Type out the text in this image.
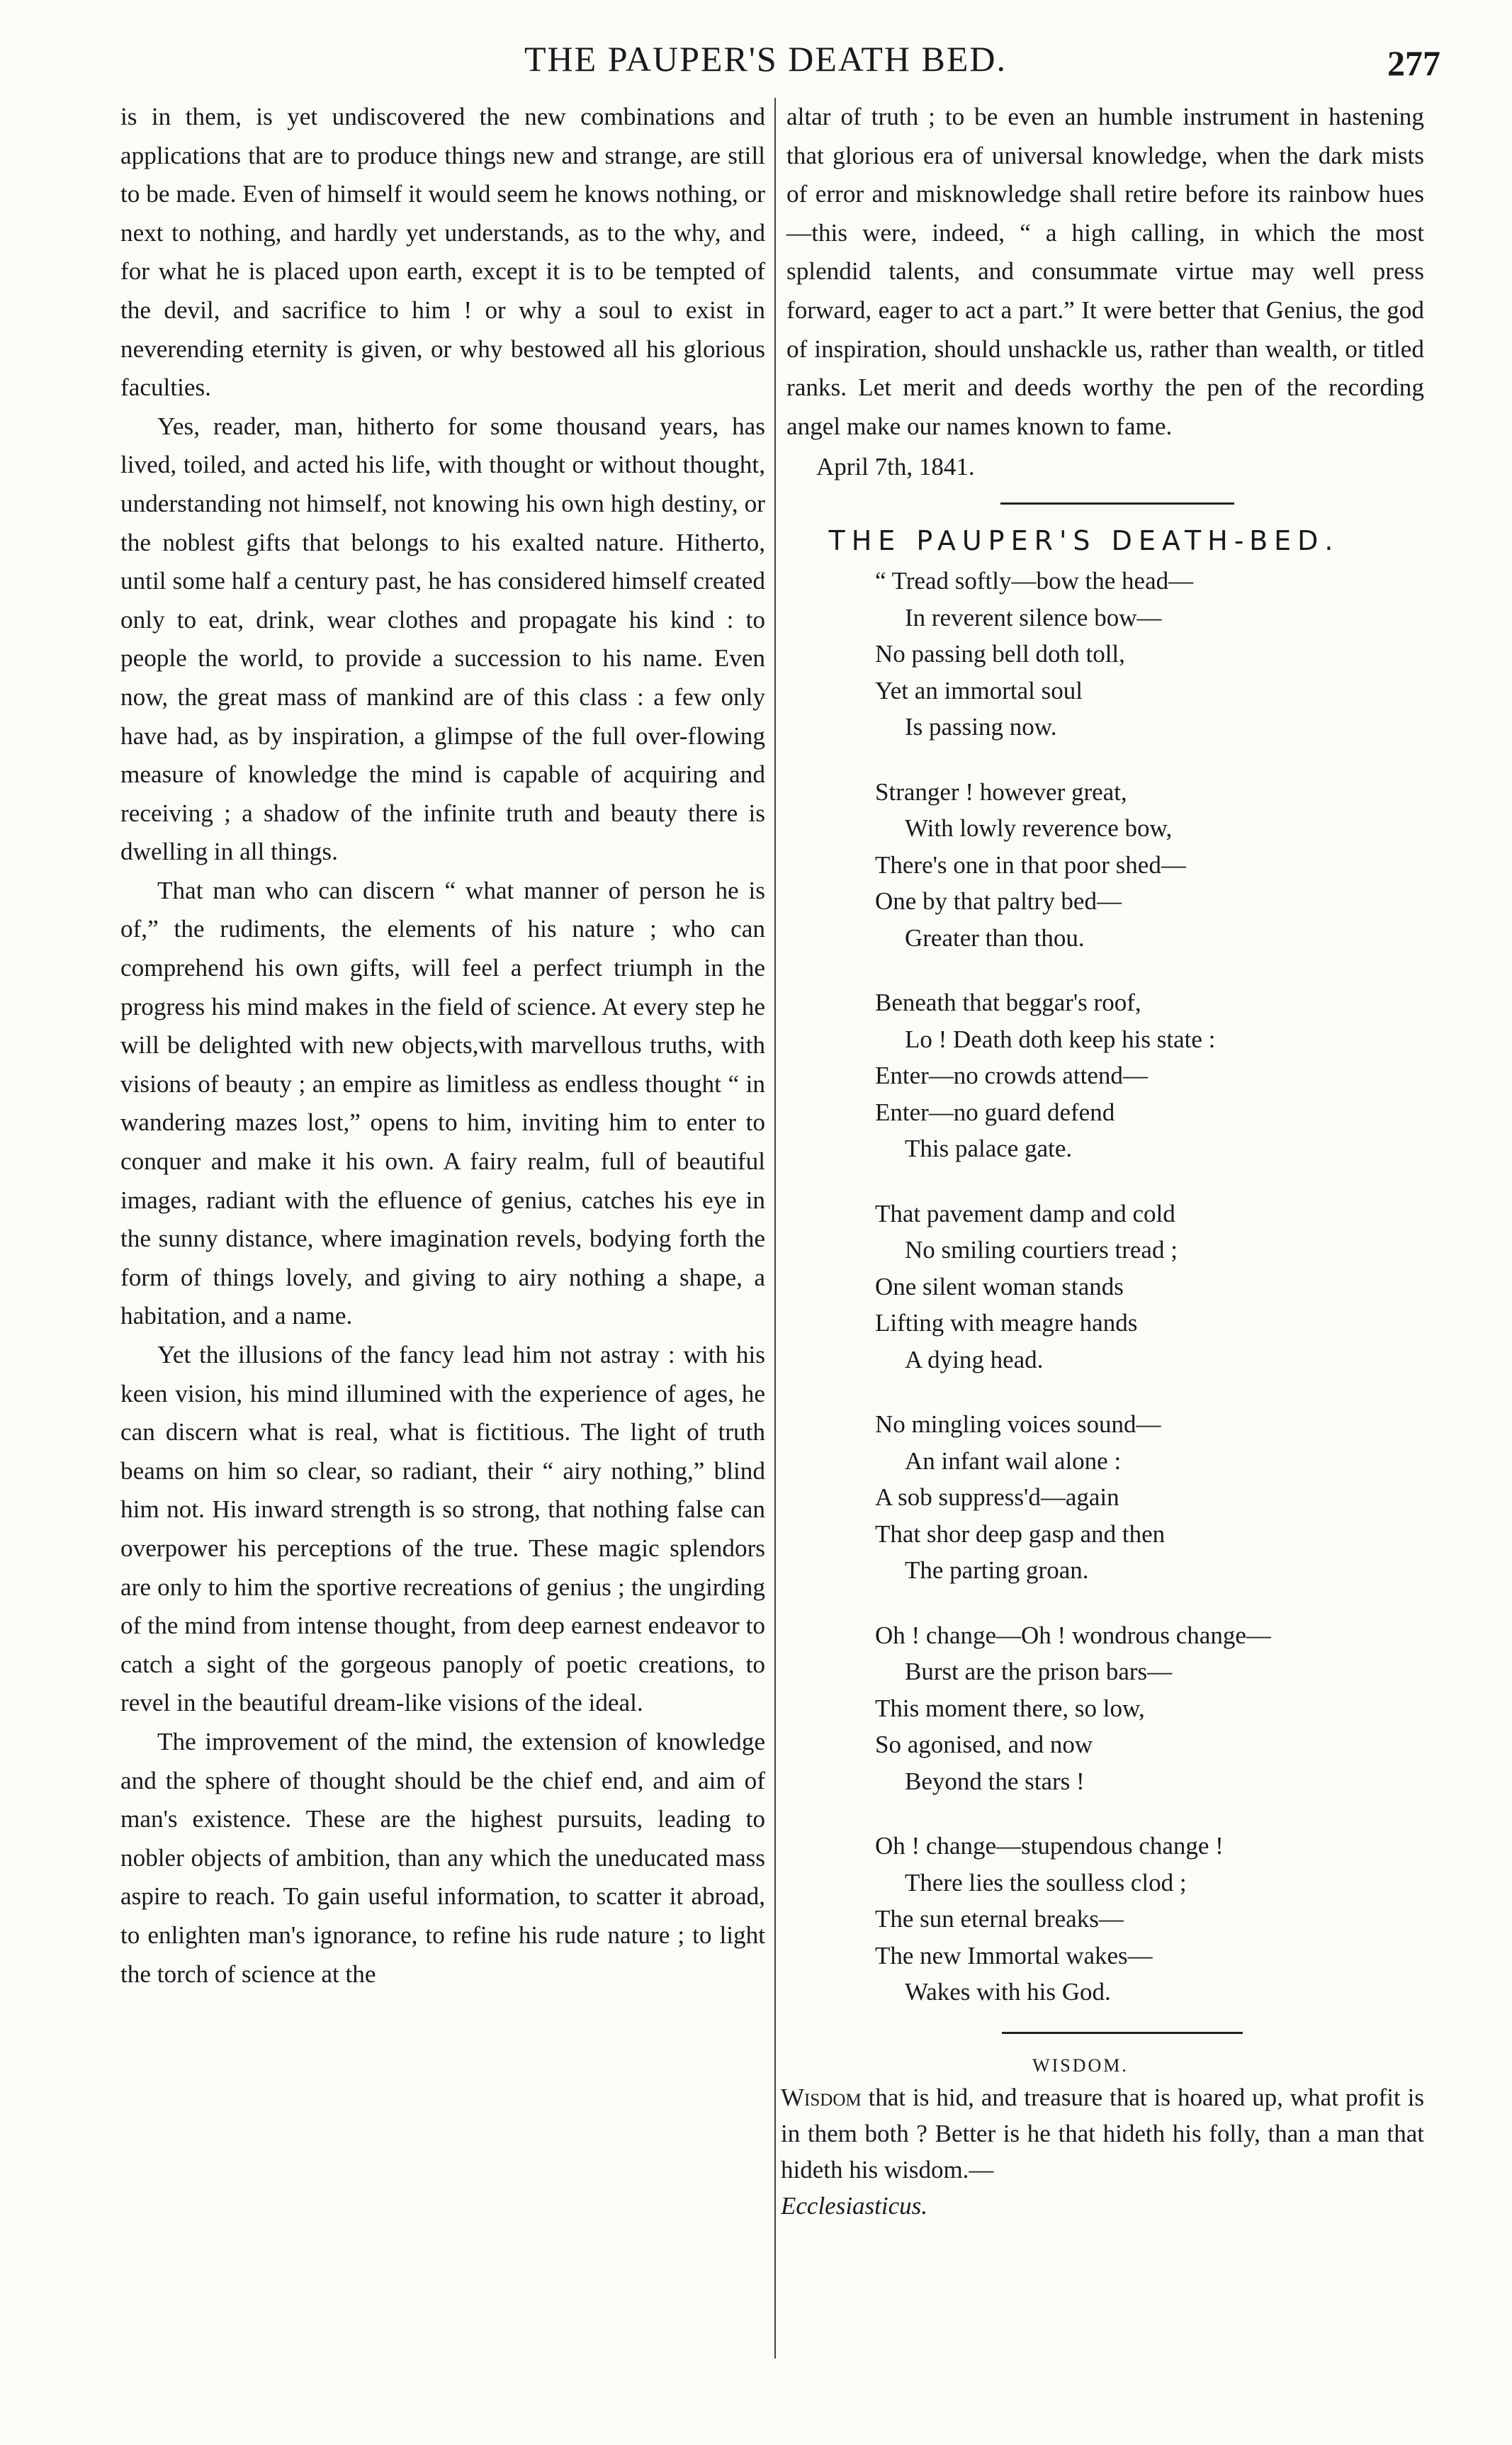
THE PAUPER'S DEATH BED.	277

is in them, is yet undiscovered the new combinations and applications that are to produce things new and strange, are still to be made. Even of himself it would seem he knows nothing, or next to nothing, and hardly yet understands, as to the why, and for what he is placed upon earth, except it is to be tempted of the devil, and sacrifice to him ! or why a soul to exist in neverending eternity is given, or why bestowed all his glorious faculties.

Yes, reader, man, hitherto for some thousand years, has lived, toiled, and acted his life, with thought or without thought, understanding not himself, not knowing his own high destiny, or the noblest gifts that belongs to his exalted nature. Hitherto, until some half a century past, he has considered himself created only to eat, drink, wear clothes and propagate his kind : to people the world, to provide a succession to his name. Even now, the great mass of mankind are of this class : a few only have had, as by inspiration, a glimpse of the full over-flowing measure of knowledge the mind is capable of acquiring and receiving ; a shadow of the infinite truth and beauty there is dwelling in all things.

That man who can discern “ what manner of person he is of,” the rudiments, the elements of his nature ; who can comprehend his own gifts, will feel a perfect triumph in the progress his mind makes in the field of science. At every step he will be delighted with new objects,with marvellous truths, with visions of beauty ; an empire as limitless as endless thought “ in wandering mazes lost,” opens to him, inviting him to enter to conquer and make it his own. A fairy realm, full of beautiful images, radiant with the efluence of genius, catches his eye in the sunny distance, where imagination revels, bodying forth the form of things lovely, and giving to airy nothing a shape, a habitation, and a name.

Yet the illusions of the fancy lead him not astray : with his keen vision, his mind illumined with the experience of ages, he can discern what is real, what is fictitious. The light of truth beams on him so clear, so radiant, their “ airy nothing,” blind him not. His inward strength is so strong, that nothing false can overpower his perceptions of the true. These magic splendors are only to him the sportive recreations of genius ; the ungirding of the mind from intense thought, from deep earnest endeavor to catch a sight of the gorgeous panoply of poetic creations, to revel in the beautiful dream-like visions of the ideal.

The improvement of the mind, the extension of knowledge and the sphere of thought should be the chief end, and aim of man's existence. These are the highest pursuits, leading to nobler objects of ambition, than any which the uneducated mass aspire to reach. To gain useful information, to scatter it abroad, to enlighten man's ignorance, to refine his rude nature ; to light the torch of science at the

altar of truth ; to be even an humble instrument in hastening that glorious era of universal knowledge, when the dark mists of error and misknowledge shall retire before its rainbow hues—this were, indeed, “ a high calling, in which the most splendid talents, and consummate virtue may well press forward, eager to act a part.” It were better that Genius, the god of inspiration, should unshackle us, rather than wealth, or titled ranks. Let merit and deeds worthy the pen of the recording angel make our names known to fame.

April 7th, 1841.
THE PAUPER'S DEATH-BED.
“ Tread softly—bow the head—
In reverent silence bow—
No passing bell doth toll,
Yet an immortal soul
Is passing now.
Stranger ! however great,
With lowly reverence bow,
There's one in that poor shed—
One by that paltry bed—
Greater than thou.
Beneath that beggar's roof,
Lo ! Death doth keep his state :
Enter—no crowds attend—
Enter—no guard defend
This palace gate.
That pavement damp and cold
No smiling courtiers tread ;
One silent woman stands
Lifting with meagre hands
A dying head.
No mingling voices sound—
An infant wail alone :
A sob suppress'd—again
That shor deep gasp and then
The parting groan.
Oh ! change—Oh ! wondrous change—
Burst are the prison bars—
This moment there, so low,
So agonised, and now
Beyond the stars !
Oh ! change—stupendous change !
There lies the soulless clod ;
The sun eternal breaks—
The new Immortal wakes—
Wakes with his God.
WISDOM.

Wisdom that is hid, and treasure that is hoared up, what profit is in them both ? Better is he that hideth his folly, than a man that hideth his wisdom.—
Ecclesiasticus.
